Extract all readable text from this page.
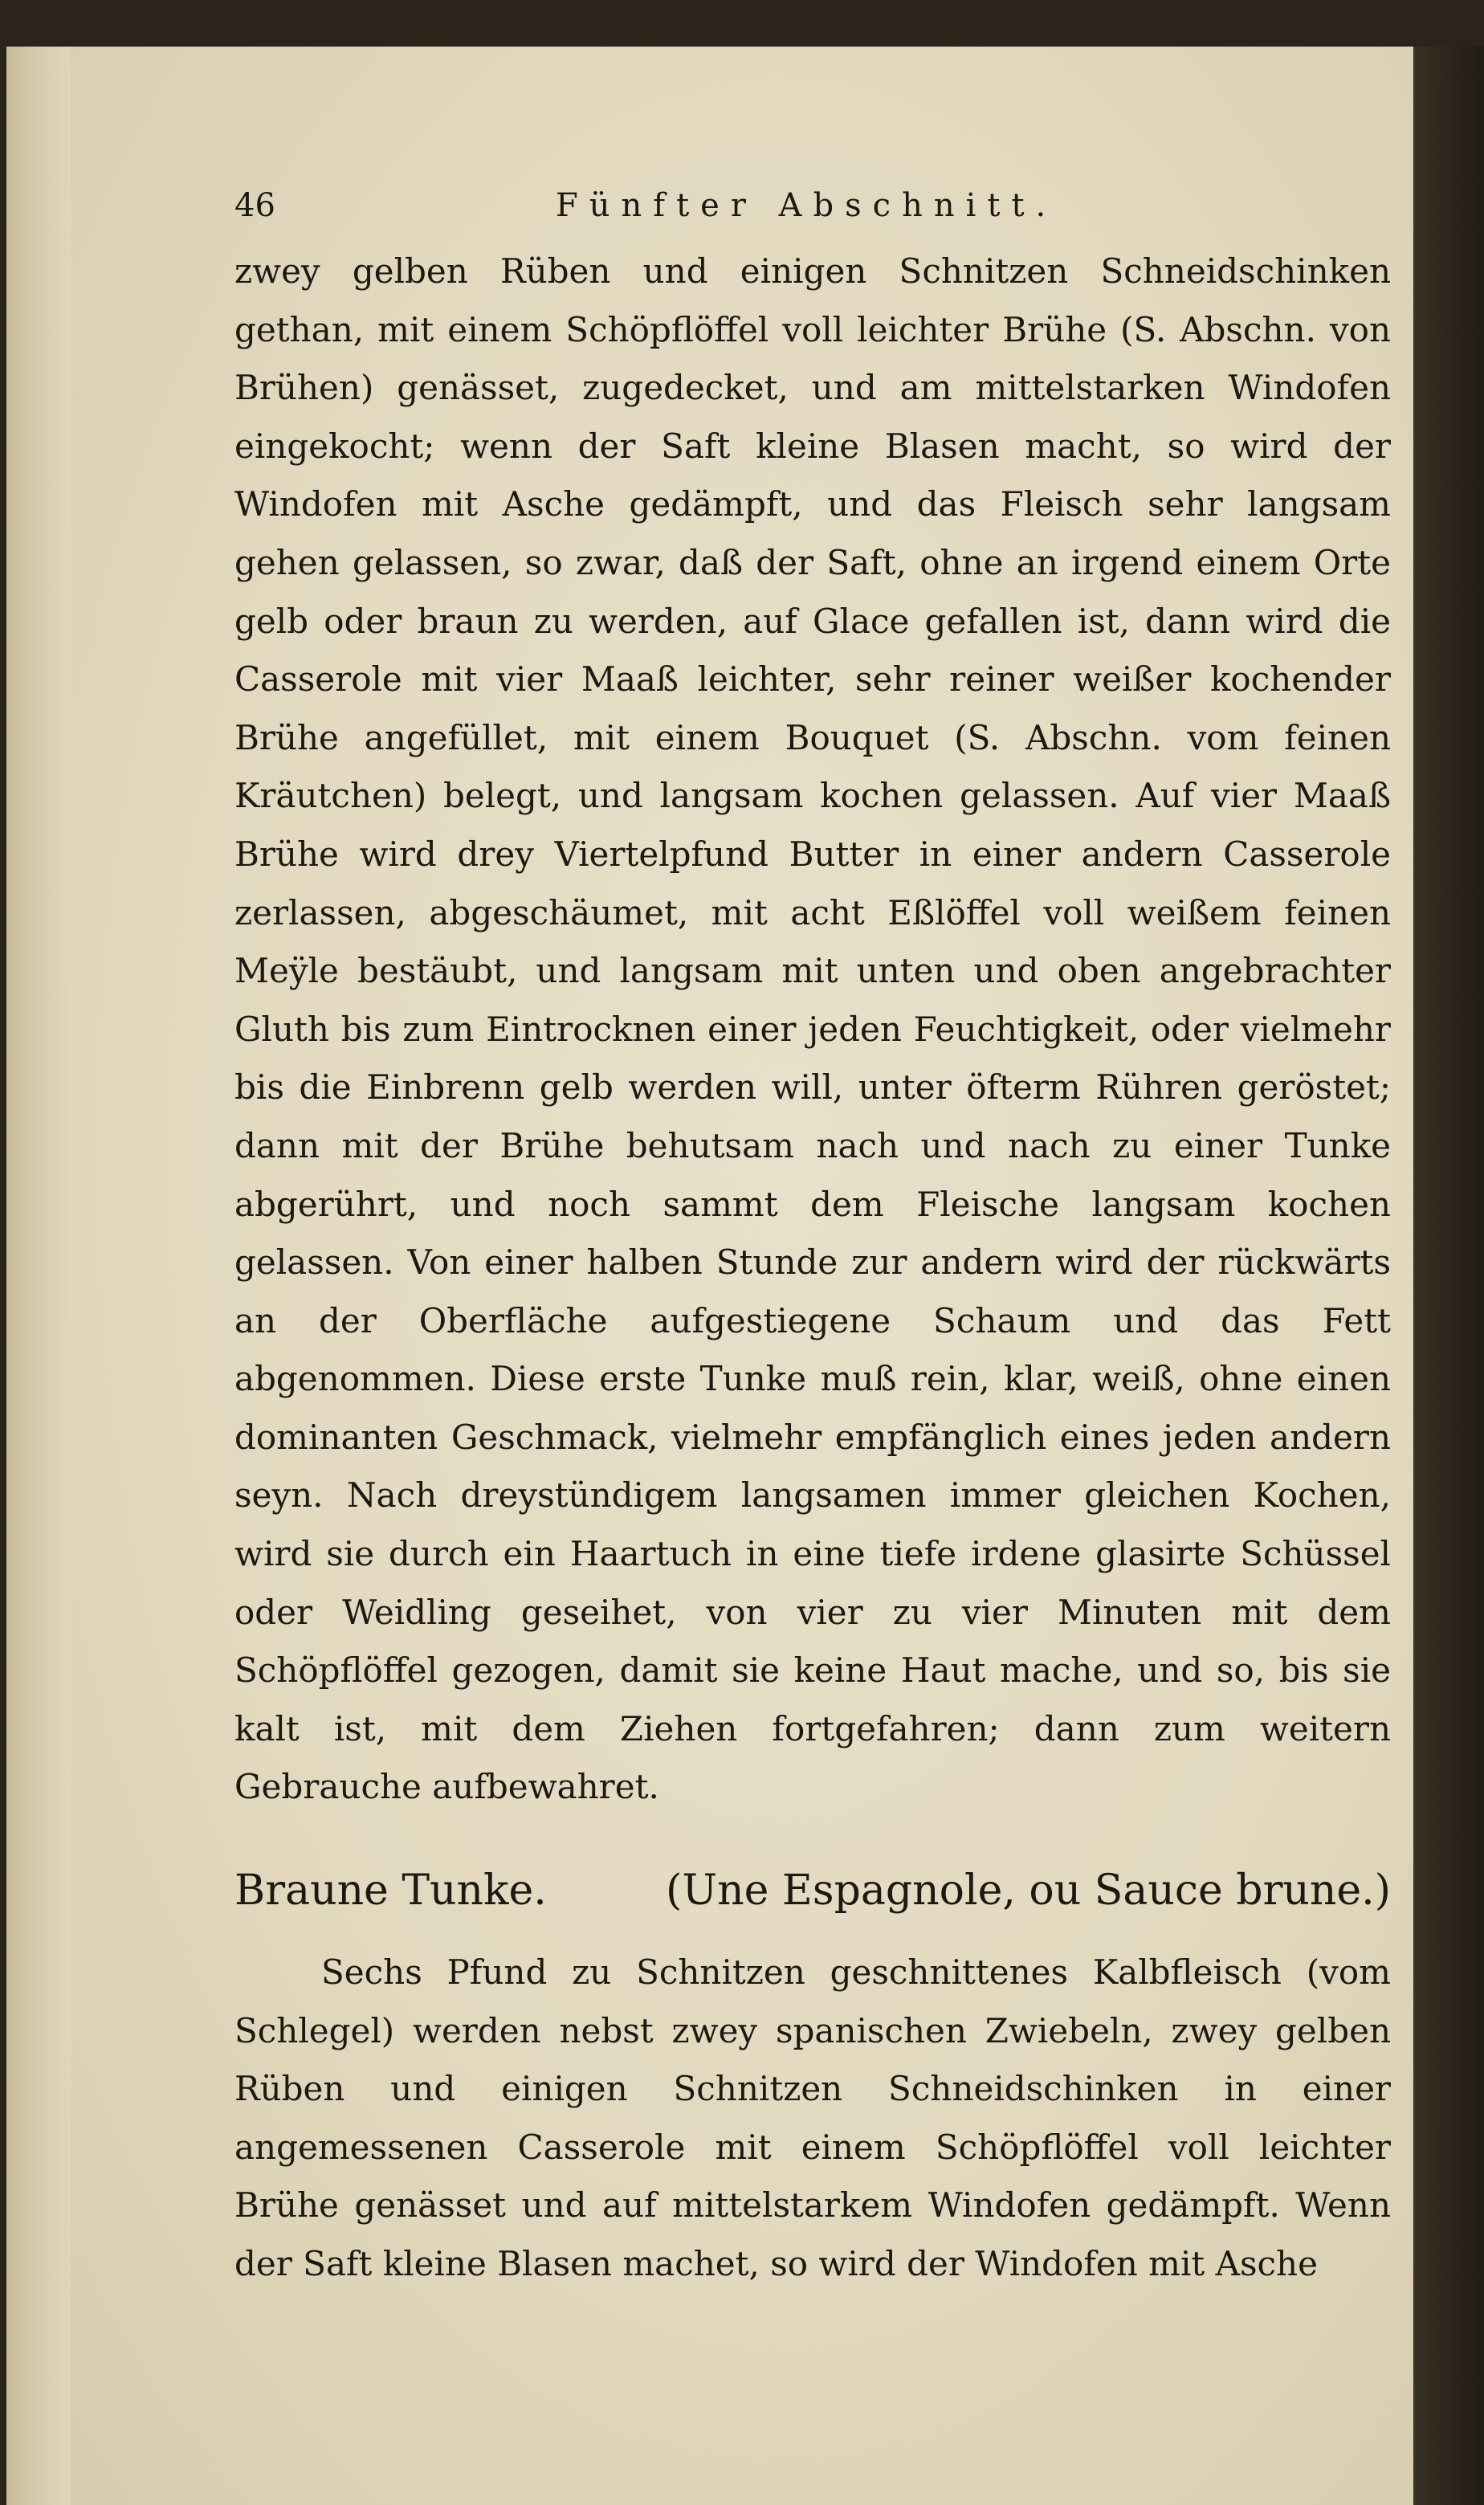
46	Fünfter Abschnitt.

zwey gelben Rüben und einigen Schnitzen Schneidschinken gethan, mit einem Schöpflöffel voll leichter Brühe (S. Abschn. von Brühen) genässet, zugedecket, und am mittelstarken Windofen eingekocht; wenn der Saft kleine Blasen macht, so wird der Windofen mit Asche gedämpft, und das Fleisch sehr langsam gehen gelassen, so zwar, daß der Saft, ohne an irgend einem Orte gelb oder braun zu werden, auf Glace gefallen ist, dann wird die Casserole mit vier Maaß leichter, sehr reiner weißer kochender Brühe angefüllet, mit einem Bouquet (S. Abschn. vom feinen Kräutchen) belegt, und langsam kochen gelassen. Auf vier Maaß Brühe wird drey Viertelpfund Butter in einer andern Casserole zerlassen, abgeschäumet, mit acht Eßlöffel voll weißem feinen Meÿle bestäubt, und langsam mit unten und oben angebrachter Gluth bis zum Eintrocknen einer jeden Feuchtigkeit, oder vielmehr bis die Einbrenn gelb werden will, unter öfterm Rühren geröstet; dann mit der Brühe behutsam nach und nach zu einer Tunke abgerührt, und noch sammt dem Fleische langsam kochen gelassen. Von einer halben Stunde zur andern wird der rückwärts an der Oberfläche aufgestiegene Schaum und das Fett abgenommen. Diese erste Tunke muß rein, klar, weiß, ohne einen dominanten Geschmack, vielmehr empfänglich eines jeden andern seyn. Nach dreystündigem langsamen immer gleichen Kochen, wird sie durch ein Haartuch in eine tiefe irdene glasirte Schüssel oder Weidling geseihet, von vier zu vier Minuten mit dem Schöpflöffel gezogen, damit sie keine Haut mache, und so, bis sie kalt ist, mit dem Ziehen fortgefahren; dann zum weitern Gebrauche aufbewahret.

Braune Tunke.	(Une Espagnole, ou Sauce brune.)

Sechs Pfund zu Schnitzen geschnittenes Kalbfleisch (vom Schlegel) werden nebst zwey spanischen Zwiebeln, zwey gelben Rüben und einigen Schnitzen Schneidschinken in einer angemessenen Casserole mit einem Schöpflöffel voll leichter Brühe genässet und auf mittelstarkem Windofen gedämpft. Wenn der Saft kleine Blasen machet, so wird der Windofen mit Asche
